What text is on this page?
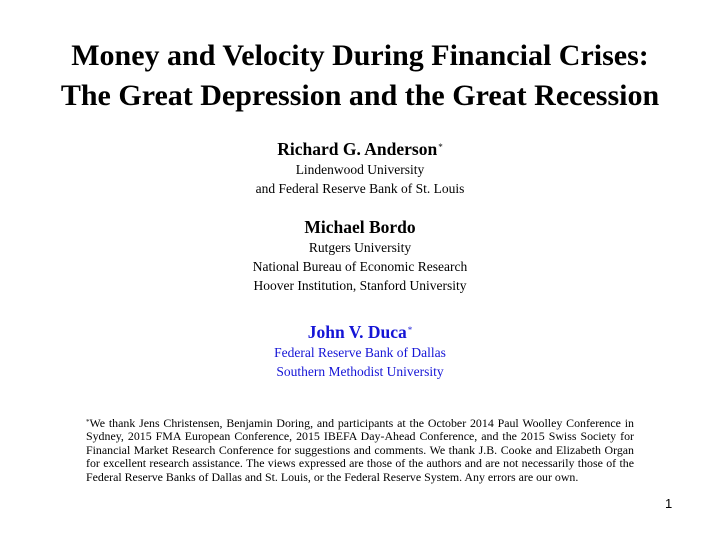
Money and Velocity During Financial Crises:
The Great Depression and the Great Recession
Richard G. Anderson*
Lindenwood University
and Federal Reserve Bank of St. Louis
Michael Bordo
Rutgers University
National Bureau of Economic Research
Hoover Institution, Stanford University
John V. Duca*
Federal Reserve Bank of Dallas
Southern Methodist University
*We thank Jens Christensen, Benjamin Doring, and participants at the October 2014 Paul Woolley Conference in Sydney, 2015 FMA European Conference, 2015 IBEFA Day-Ahead Conference, and the 2015 Swiss Society for Financial Market Research Conference for suggestions and comments. We thank J.B. Cooke and Elizabeth Organ for excellent research assistance. The views expressed are those of the authors and are not necessarily those of the Federal Reserve Banks of Dallas and St. Louis, or the Federal Reserve System. Any errors are our own.
1
